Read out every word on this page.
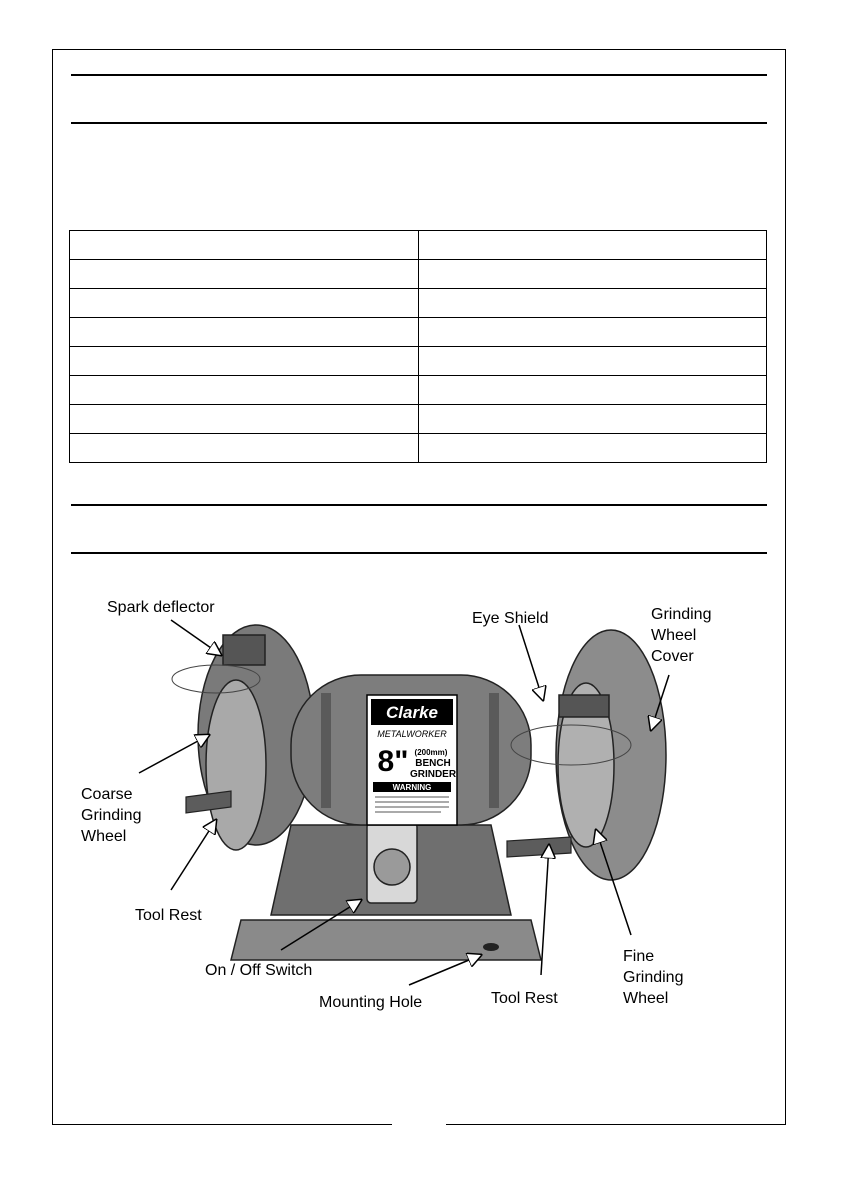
Clarke
METALWORKER
8" (200mm)
BENCH
GRINDER
WARNING
Spark deflector
Eye Shield	Grinding
Wheel
Cover
Coarse
Grinding
Wheel
Tool Rest
On / Off Switch
Mounting Hole	Tool Rest
Fine
Grinding
Wheel
